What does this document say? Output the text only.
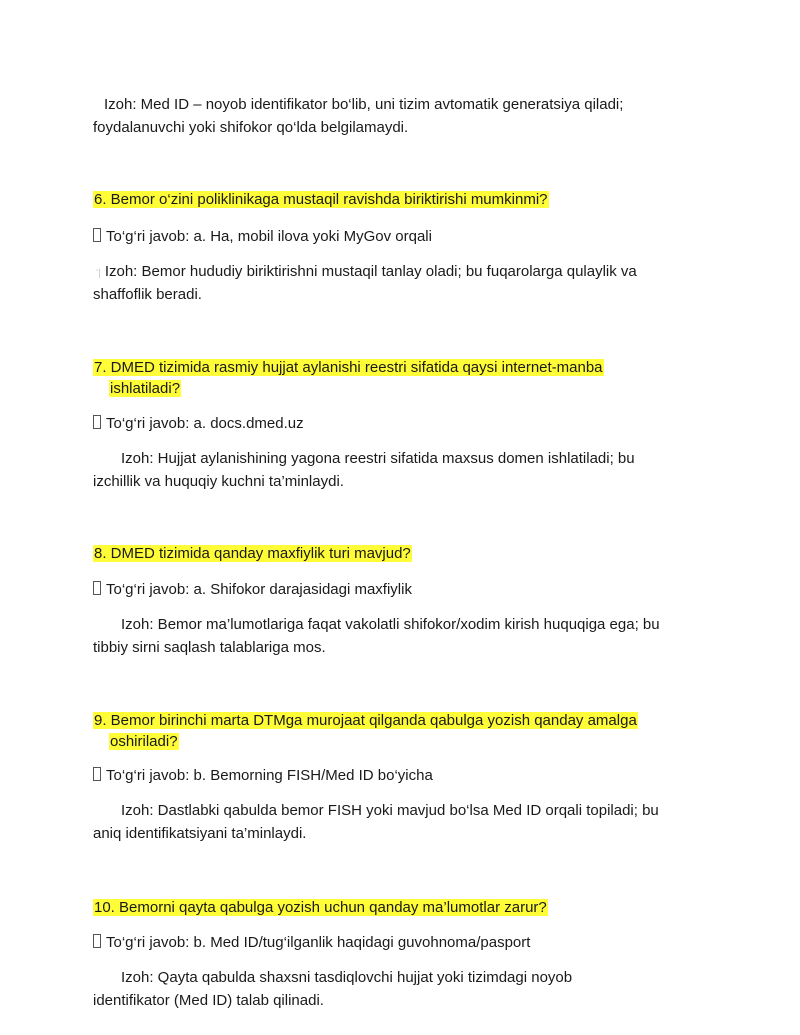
Izoh: Med ID – noyob identifikator bo‘lib, uni tizim avtomatik generatsiya qiladi;
foydalanuvchi yoki shifokor qo‘lda belgilamaydi.
6. Bemor o‘zini poliklinikaga mustaqil ravishda biriktirishi mumkinmi?
To‘g‘ri javob: a. Ha, mobil ilova yoki MyGov orqali
ʻ| Izoh: Bemor hududiy biriktirishni mustaqil tanlay oladi; bu fuqarolarga qulaylik va
shaffoflik beradi.
7. DMED tizimida rasmiy hujjat aylanishi reestri sifatida qaysi internet-manba
ishlatiladi?
To‘g‘ri javob: a. docs.dmed.uz
Izoh: Hujjat aylanishining yagona reestri sifatida maxsus domen ishlatiladi; bu
izchillik va huquqiy kuchni ta’minlaydi.
8. DMED tizimida qanday maxfiylik turi mavjud?
To‘g‘ri javob: a. Shifokor darajasidagi maxfiylik
Izoh: Bemor ma’lumotlariga faqat vakolatli shifokor/xodim kirish huquqiga ega; bu
tibbiy sirni saqlash talablariga mos.
9. Bemor birinchi marta DTMga murojaat qilganda qabulga yozish qanday amalga
oshiriladi?
To‘g‘ri javob: b. Bemorning FISH/Med ID bo‘yicha
Izoh: Dastlabki qabulda bemor FISH yoki mavjud bo‘lsa Med ID orqali topiladi; bu
aniq identifikatsiyani ta’minlaydi.
10. Bemorni qayta qabulga yozish uchun qanday ma’lumotlar zarur?
To‘g‘ri javob: b. Med ID/tug‘ilganlik haqidagi guvohnoma/pasport
Izoh: Qayta qabulda shaxsni tasdiqlovchi hujjat yoki tizimdagi noyob
identifikator (Med ID) talab qilinadi.
